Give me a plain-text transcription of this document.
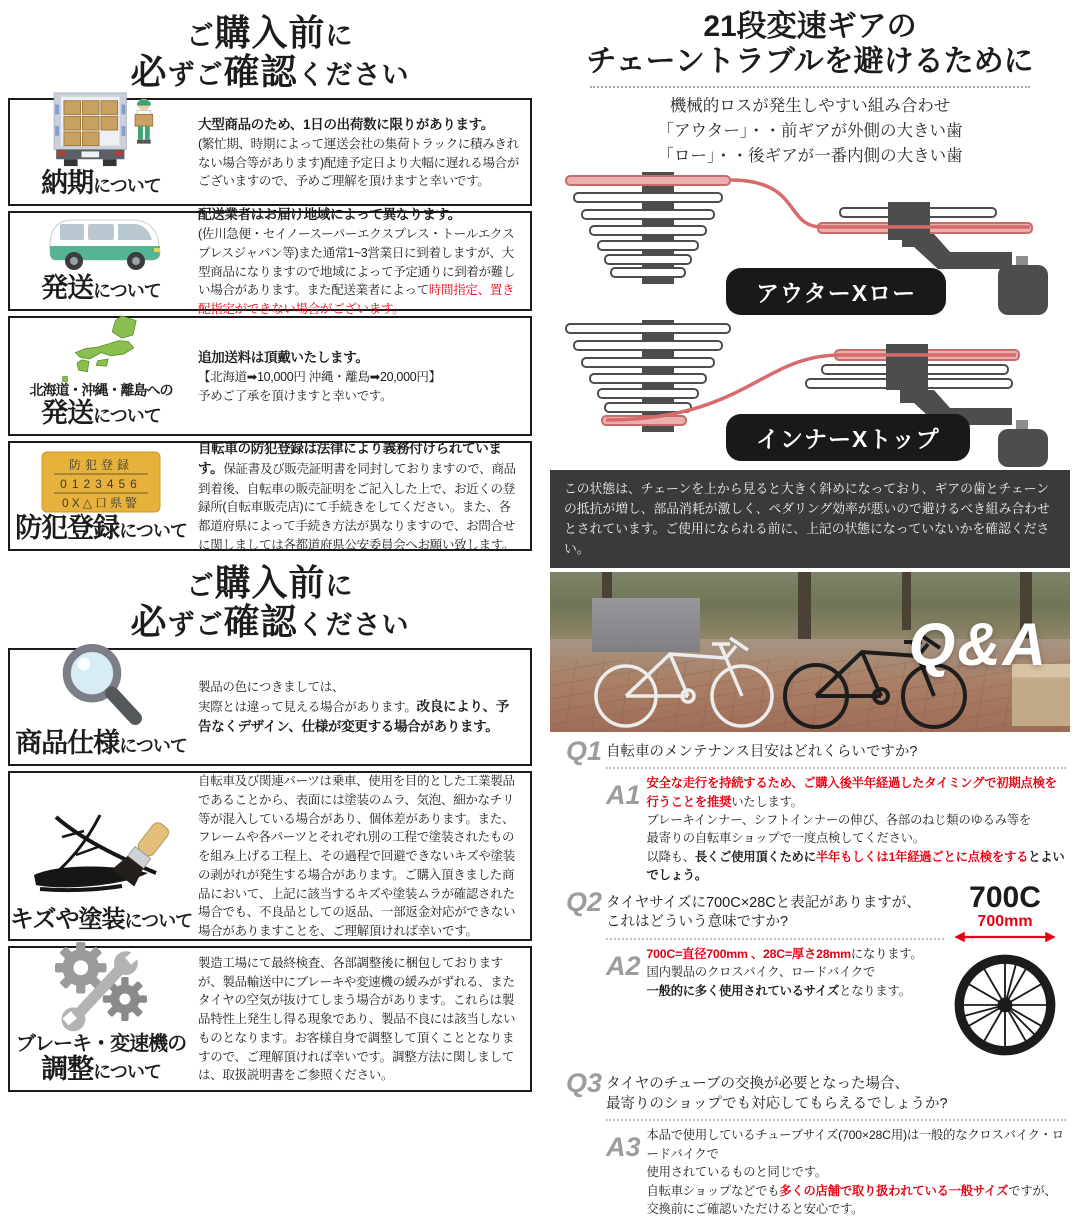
ご購入前に
必ずご確認ください
納期について
大型商品のため、1日の出荷数に限りがあります。
(繁忙期、時期によって運送会社の集荷トラックに積みきれない場合等があります)配達予定日より大幅に遅れる場合がございますので、予めご理解を頂けますと幸いです。
発送について
配送業者はお届け地域によって異なります。
(佐川急便・セイノースーパーエクスプレス・トールエクスプレスジャパン等)また通常1~3営業日に到着しますが、大型商品になりますので地域によって予定通りに到着が難しい場合があります。また配送業者によって時間指定、置き配指定ができない場合がございます。
北海道・沖縄・離島への
発送について
追加送料は頂戴いたします。
【北海道➡10,000円 沖縄・離島➡20,000円】
予めご了承を頂けますと幸いです。
防犯登録
0123456
0X△口県警
防犯登録について
自転車の防犯登録は法律により義務付けられています。保証書及び販売証明書を同封しておりますので、商品到着後、自転車の販売証明をご記入した上で、お近くの登録所(自転車販売店)にて手続きをしてください。また、各都道府県によって手続き方法が異なりますので、お問合せに関しましては各都道府県公安委員会へお願い致します。
ご購入前に
必ずご確認ください
商品仕様について
製品の色につきましては、
実際とは違って見える場合があります。改良により、予告なくデザイン、仕様が変更する場合があります。
キズや塗装について
自転車及び関連パーツは乗車、使用を目的とした工業製品であることから、表面には塗装のムラ、気泡、細かなチリ等が混入している場合があり、個体差があります。また、フレームや各パーツとそれぞれ別の工程で塗装されたものを組み上げる工程上、その過程で回避できないキズや塗装の剥がれが発生する場合があります。ご購入頂きました商品において、上記に該当するキズや塗装ムラが確認された場合でも、不良品としての返品、一部返金対応ができない場合がありますことを、ご理解頂ければ幸いです。
ブレーキ・変速機の
調整について
製造工場にて最終検査、各部調整後に梱包しておりますが、製品輸送中にブレーキや変速機の緩みがずれる、またタイヤの空気が抜けてしまう場合があります。これらは製品特性上発生し得る現象であり、製品不良には該当しないものとなります。お客様自身で調整して頂くこととなりますので、ご理解頂ければ幸いです。調整方法に関しましては、取扱説明書をご参照ください。
21段変速ギアの
チェーントラブルを避けるために
機械的ロスが発生しやすい組み合わせ
「アウター」・・前ギアが外側の大きい歯
「ロー」・・後ギアが一番内側の大きい歯
アウターXロー
インナーXトップ
この状態は、チェーンを上から見ると大きく斜めになっており、ギアの歯とチェーンの抵抗が増し、部品消耗が激しく、ペダリング効率が悪いので避けるべき組み合わせとされています。ご使用になられる前に、上記の状態になっていないかを確認ください。
Q&A
Q1 自転車のメンテナンス目安はどれくらいですか?
A1 安全な走行を持続するため、ご購入後半年経過したタイミングで初期点検を行うことを推奨いたします。
ブレーキインナー、シフトインナーの伸び、各部のねじ類のゆるみ等を
最寄りの自転車ショップで一度点検してください。
以降も、長くご使用頂くために半年もしくは1年経過ごとに点検をするとよいでしょう。
Q2 タイヤサイズに700C×28Cと表記がありますが、
これはどういう意味ですか?
A2 700C=直径700mm 、28C=厚さ28mmになります。
国内製品のクロスバイク、ロードバイクで
一般的に多く使用されているサイズとなります。
700C
700mm

Q3 タイヤのチューブの交換が必要となった場合、
最寄りのショップでも対応してもらえるでしょうか?
A3 本品で使用しているチューブサイズ(700×28C用)は一般的なクロスバイク・ロードバイクで
使用されているものと同じです。
自転車ショップなどでも多くの店舗で取り扱われている一般サイズですが、
交換前にご確認いただけると安心です。
